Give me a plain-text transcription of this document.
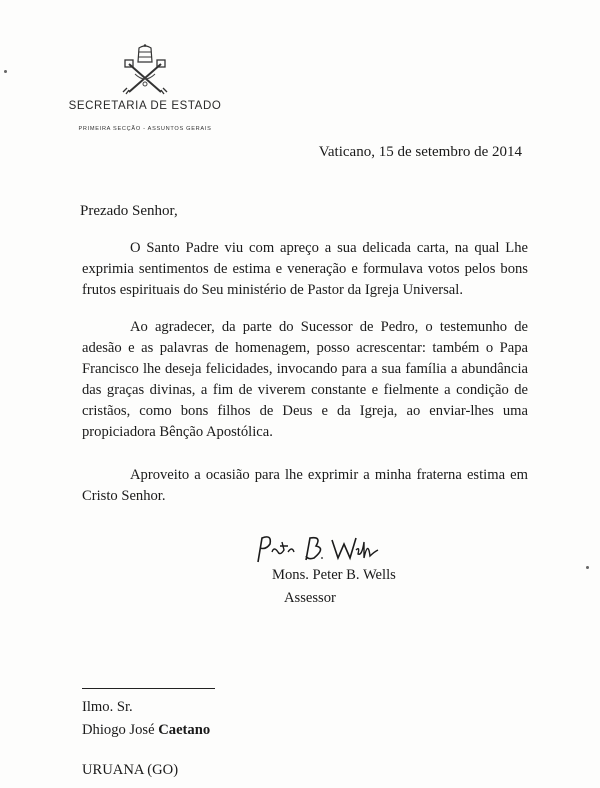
SECRETARIA DE ESTADO
PRIMEIRA SECÇÃO - ASSUNTOS GERAIS
Vaticano, 15 de setembro de 2014
Prezado Senhor,
O Santo Padre viu com apreço a sua delicada carta, na qual Lhe exprimia sentimentos de estima e veneração e formulava votos pelos bons frutos espirituais do Seu ministério de Pastor da Igreja Universal.
Ao agradecer, da parte do Sucessor de Pedro, o testemunho de adesão e as palavras de homenagem, posso acrescentar: também o Papa Francisco lhe deseja felicidades, invocando para a sua família a abundância das graças divinas, a fim de viverem constante e fielmente a condição de cristãos, como bons filhos de Deus e da Igreja, ao enviar-lhes uma propiciadora Bênção Apostólica.
Aproveito a ocasião para lhe exprimir a minha fraterna estima em Cristo Senhor.
Mons. Peter B. Wells
Assessor
Ilmo. Sr.
Dhiogo José Caetano
URUANA (GO)
